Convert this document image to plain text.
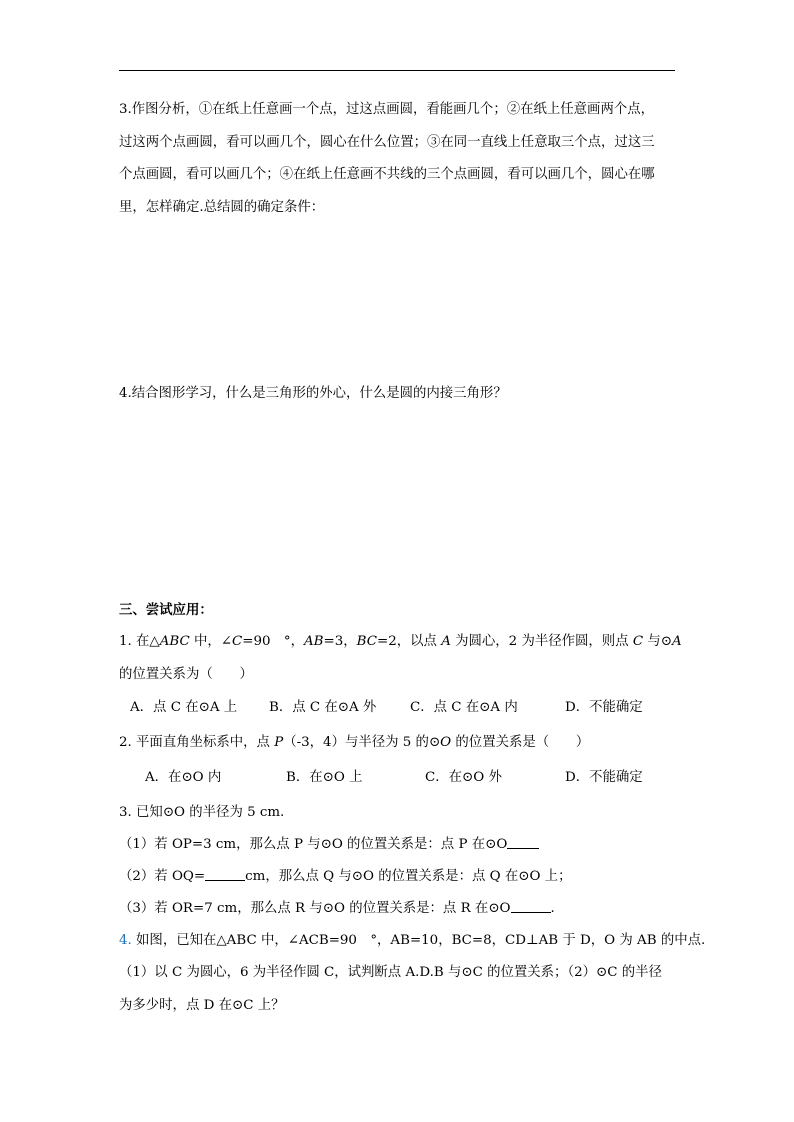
3.作图分析，①在纸上任意画一个点，过这点画圆，看能画几个；②在纸上任意画两个点，
过这两个点画圆，看可以画几个，圆心在什么位置；③在同一直线上任意取三个点，过这三
个点画圆，看可以画几个；④在纸上任意画不共线的三个点画圆，看可以画几个，圆心在哪
里，怎样确定.总结圆的确定条件：
4.结合图形学习，什么是三角形的外心，什么是圆的内接三角形？
三、尝试应用：
1. 在△ABC 中，∠C=90　°，AB=3，BC=2，以点 A 为圆心，2 为半径作圆，则点 C 与⊙A
的位置关系为（　　）
A．点 C 在⊙A 上 B．点 C 在⊙A 外	C．点 C 在⊙A 内	D．不能确定
2. 平面直角坐标系中，点 P（-3，4）与半径为 5 的⊙O 的位置关系是（　　）
A．在⊙O 内	B．在⊙O 上	C．在⊙O 外	D．不能确定
3. 已知⊙O 的半径为 5 cm.
（1）若 OP=3 cm，那么点 P 与⊙O 的位置关系是：点 P 在⊙O
（2）若 OQ=	cm，那么点 Q 与⊙O 的位置关系是：点 Q 在⊙O 上；
（3）若 OR=7 cm，那么点 R 与⊙O 的位置关系是：点 R 在⊙O	.
4. 如图，已知在△ABC 中，∠ACB=90　°，AB=10，BC=8，CD⊥AB 于 D，O 为 AB 的中点.
（1）以 C 为圆心，6 为半径作圆 C，试判断点 A.D.B 与⊙C 的位置关系；（2）⊙C 的半径
为多少时，点 D 在⊙C 上？
